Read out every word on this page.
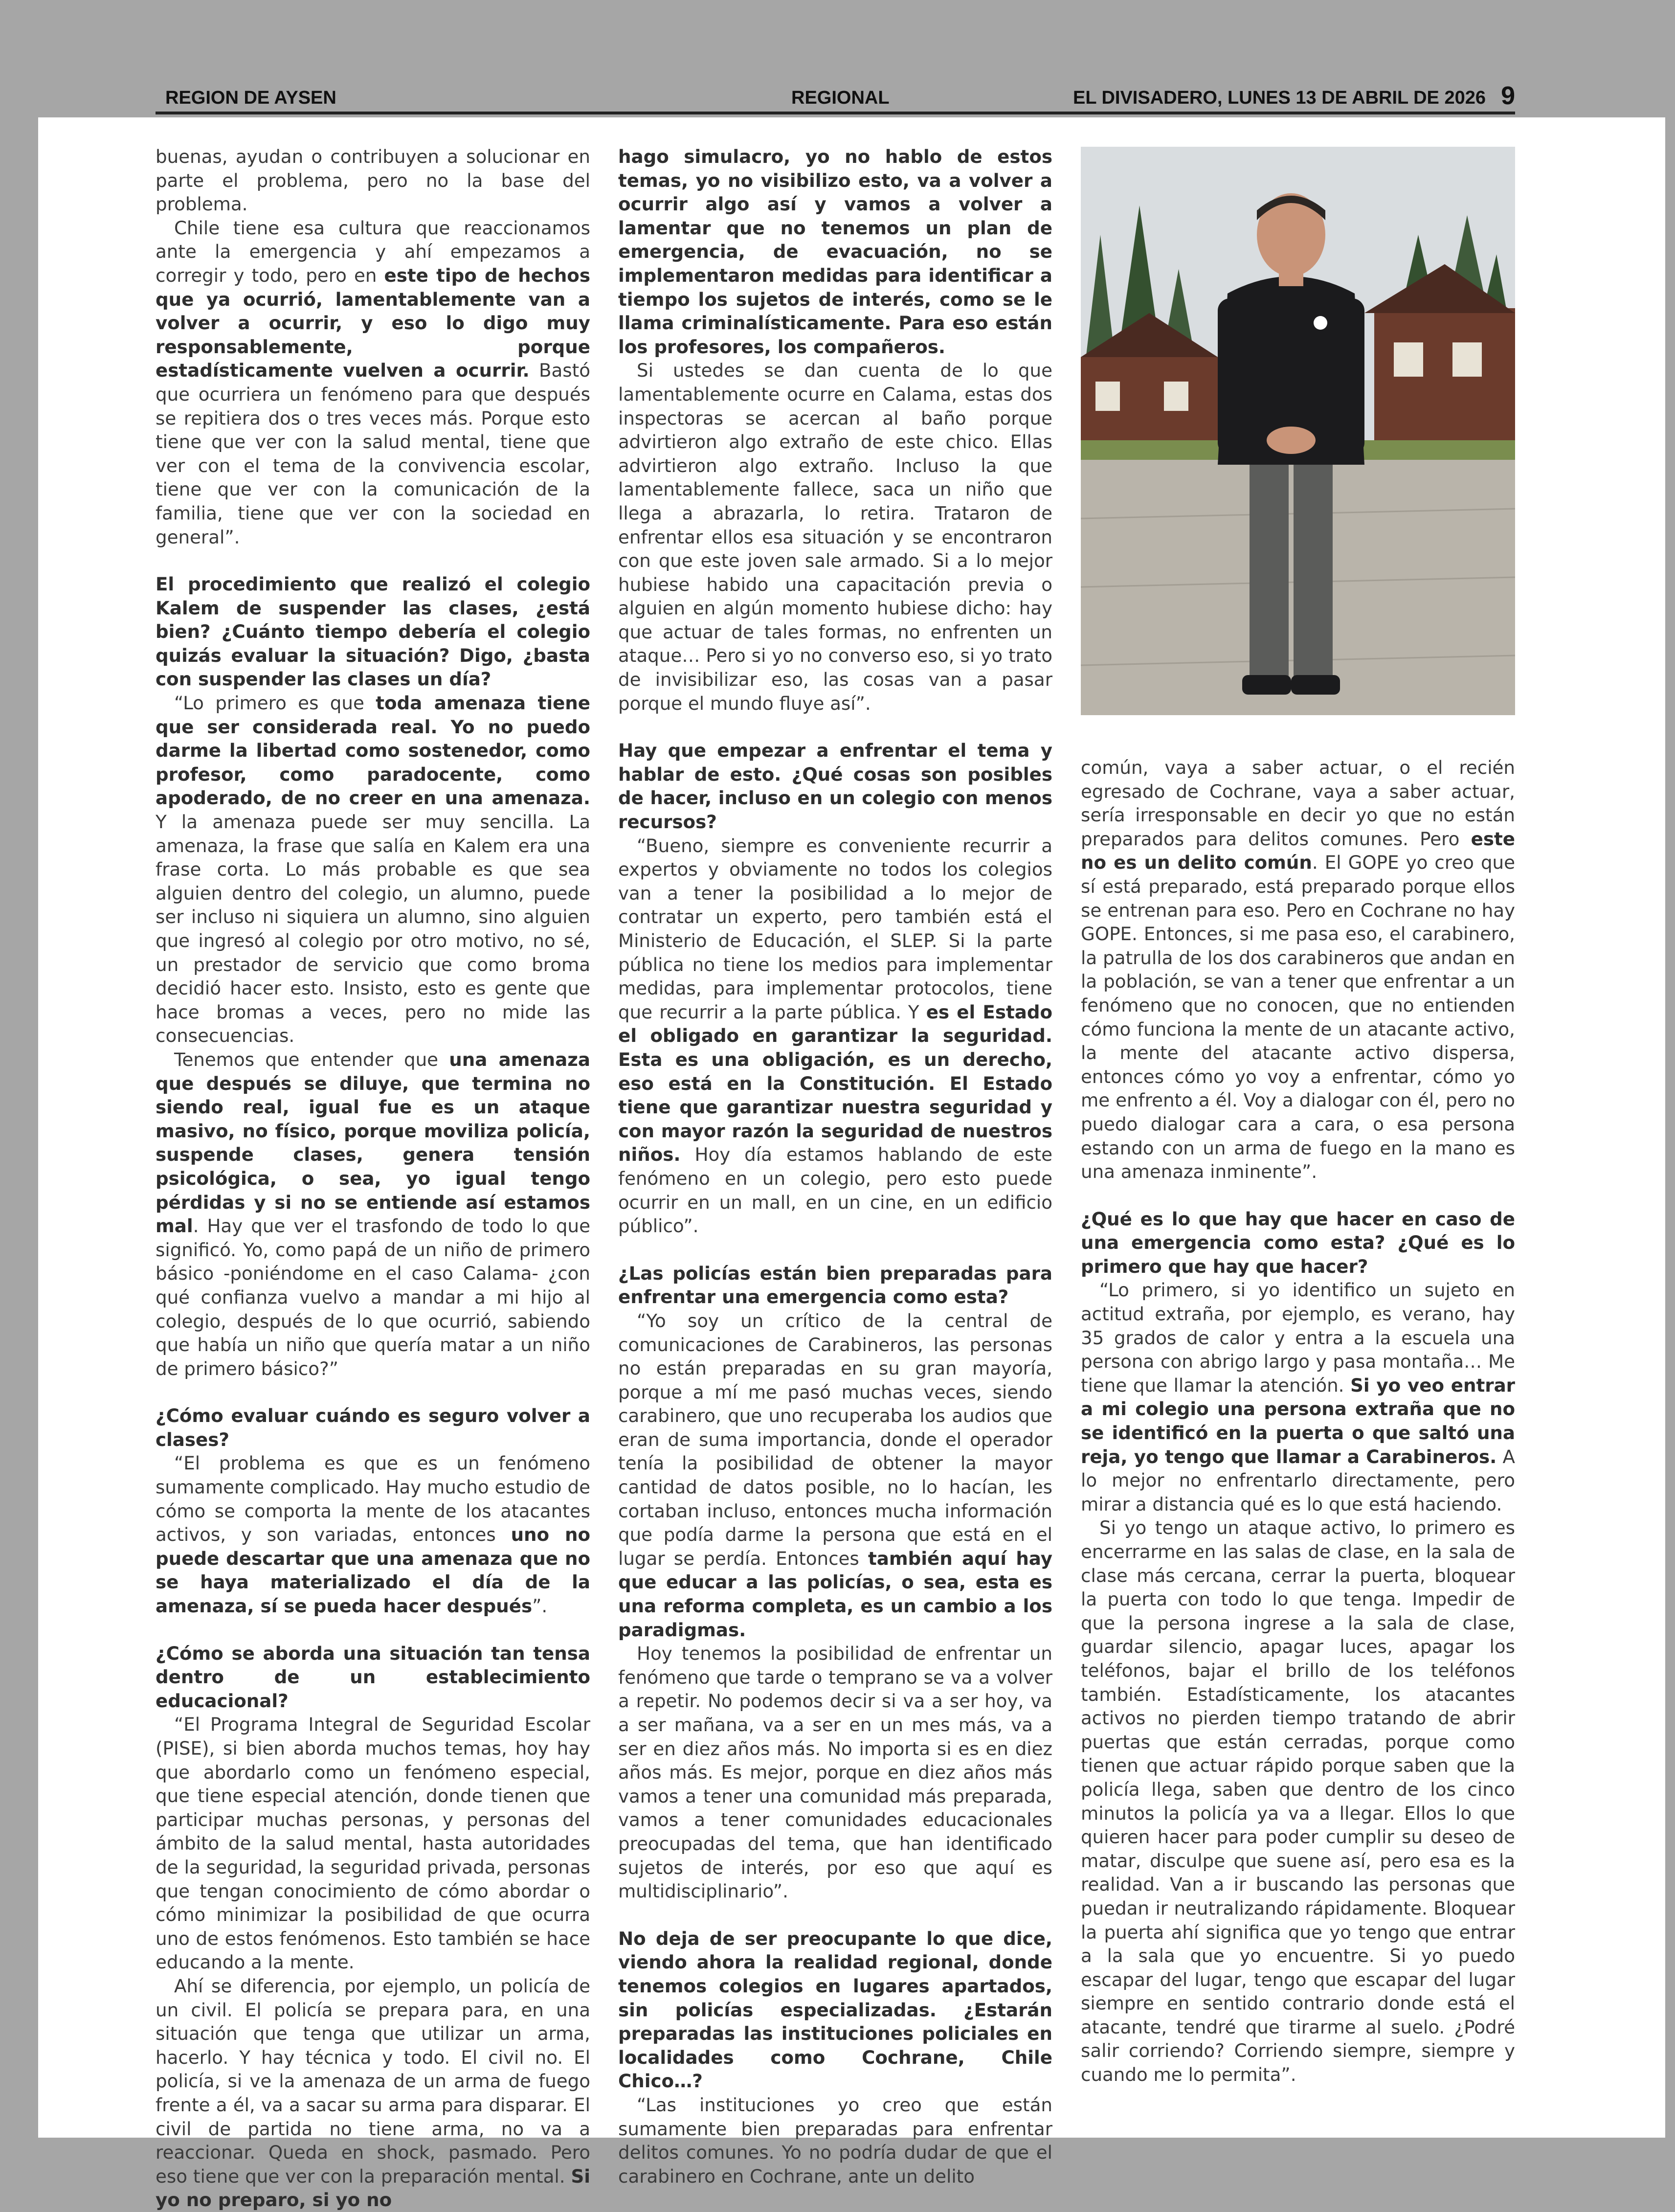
REGION DE AYSEN	REGIONAL	EL DIVISADERO, LUNES 13 DE ABRIL DE 2026 9

buenas, ayudan o contribuyen a solucionar en parte el problema, pero no la base del problema.

Chile tiene esa cultura que reaccionamos ante la emergencia y ahí empezamos a corregir y todo, pero en este tipo de hechos que ya ocurrió, lamentablemente van a volver a ocurrir, y eso lo digo muy responsablemente, porque estadísticamente vuelven a ocurrir. Bastó que ocurriera un fenómeno para que después se repitiera dos o tres veces más. Porque esto tiene que ver con la salud mental, tiene que ver con el tema de la convivencia escolar, tiene que ver con la comunicación de la familia, tiene que ver con la sociedad en general”.

El procedimiento que realizó el colegio Kalem de suspender las clases, ¿está bien? ¿Cuánto tiempo debería el colegio quizás evaluar la situación? Digo, ¿basta con suspender las clases un día?

“Lo primero es que toda amenaza tiene que ser considerada real. Yo no puedo darme la libertad como sostenedor, como profesor, como paradocente, como apoderado, de no creer en una amenaza. Y la amenaza puede ser muy sencilla. La amenaza, la frase que salía en Kalem era una frase corta. Lo más probable es que sea alguien dentro del colegio, un alumno, puede ser incluso ni siquiera un alumno, sino alguien que ingresó al colegio por otro motivo, no sé, un prestador de servicio que como broma decidió hacer esto. Insisto, esto es gente que hace bromas a veces, pero no mide las consecuencias.

Tenemos que entender que una amenaza que después se diluye, que termina no siendo real, igual fue es un ataque masivo, no físico, porque moviliza policía, suspende clases, genera tensión psicológica, o sea, yo igual tengo pérdidas y si no se entiende así estamos mal. Hay que ver el trasfondo de todo lo que significó. Yo, como papá de un niño de primero básico -poniéndome en el caso Calama- ¿con qué confianza vuelvo a mandar a mi hijo al colegio, después de lo que ocurrió, sabiendo que había un niño que quería matar a un niño de primero básico?”

¿Cómo evaluar cuándo es seguro volver a clases?

“El problema es que es un fenómeno sumamente complicado. Hay mucho estudio de cómo se comporta la mente de los atacantes activos, y son variadas, entonces uno no puede descartar que una amenaza que no se haya materializado el día de la amenaza, sí se pueda hacer después”.

¿Cómo se aborda una situación tan tensa dentro de un establecimiento educacional?

“El Programa Integral de Seguridad Escolar (PISE), si bien aborda muchos temas, hoy hay que abordarlo como un fenómeno especial, que tiene especial atención, donde tienen que participar muchas personas, y personas del ámbito de la salud mental, hasta autoridades de la seguridad, la seguridad privada, personas que tengan conocimiento de cómo abordar o cómo minimizar la posibilidad de que ocurra uno de estos fenómenos. Esto también se hace educando a la mente.

Ahí se diferencia, por ejemplo, un policía de un civil. El policía se prepara para, en una situación que tenga que utilizar un arma, hacerlo. Y hay técnica y todo. El civil no. El policía, si ve la amenaza de un arma de fuego frente a él, va a sacar su arma para disparar. El civil de partida no tiene arma, no va a reaccionar. Queda en shock, pasmado. Pero eso tiene que ver con la preparación mental. Si yo no preparo, si yo no

hago simulacro, yo no hablo de estos temas, yo no visibilizo esto, va a volver a ocurrir algo así y vamos a volver a lamentar que no tenemos un plan de emergencia, de evacuación, no se implementaron medidas para identificar a tiempo los sujetos de interés, como se le llama criminalísticamente. Para eso están los profesores, los compañeros.

Si ustedes se dan cuenta de lo que lamentablemente ocurre en Calama, estas dos inspectoras se acercan al baño porque advirtieron algo extraño de este chico. Ellas advirtieron algo extraño. Incluso la que lamentablemente fallece, saca un niño que llega a abrazarla, lo retira. Trataron de enfrentar ellos esa situación y se encontraron con que este joven sale armado. Si a lo mejor hubiese habido una capacitación previa o alguien en algún momento hubiese dicho: hay que actuar de tales formas, no enfrenten un ataque… Pero si yo no converso eso, si yo trato de invisibilizar eso, las cosas van a pasar porque el mundo fluye así”.

Hay que empezar a enfrentar el tema y hablar de esto. ¿Qué cosas son posibles de hacer, incluso en un colegio con menos recursos?

“Bueno, siempre es conveniente recurrir a expertos y obviamente no todos los colegios van a tener la posibilidad a lo mejor de contratar un experto, pero también está el Ministerio de Educación, el SLEP. Si la parte pública no tiene los medios para implementar medidas, para implementar protocolos, tiene que recurrir a la parte pública. Y es el Estado el obligado en garantizar la seguridad. Esta es una obligación, es un derecho, eso está en la Constitución. El Estado tiene que garantizar nuestra seguridad y con mayor razón la seguridad de nuestros niños. Hoy día estamos hablando de este fenómeno en un colegio, pero esto puede ocurrir en un mall, en un cine, en un edificio público”.

¿Las policías están bien preparadas para enfrentar una emergencia como esta?

“Yo soy un crítico de la central de comunicaciones de Carabineros, las personas no están preparadas en su gran mayoría, porque a mí me pasó muchas veces, siendo carabinero, que uno recuperaba los audios que eran de suma importancia, donde el operador tenía la posibilidad de obtener la mayor cantidad de datos posible, no lo hacían, les cortaban incluso, entonces mucha información que podía darme la persona que está en el lugar se perdía. Entonces también aquí hay que educar a las policías, o sea, esta es una reforma completa, es un cambio a los paradigmas.

Hoy tenemos la posibilidad de enfrentar un fenómeno que tarde o temprano se va a volver a repetir. No podemos decir si va a ser hoy, va a ser mañana, va a ser en un mes más, va a ser en diez años más. No importa si es en diez años más. Es mejor, porque en diez años más vamos a tener una comunidad más preparada, vamos a tener comunidades educacionales preocupadas del tema, que han identificado sujetos de interés, por eso que aquí es multidisciplinario”.

No deja de ser preocupante lo que dice, viendo ahora la realidad regional, donde tenemos colegios en lugares apartados, sin policías especializadas. ¿Estarán preparadas las instituciones policiales en localidades como Cochrane, Chile Chico…?

“Las instituciones yo creo que están sumamente bien preparadas para enfrentar delitos comunes. Yo no podría dudar de que el carabinero en Cochrane, ante un delito

común, vaya a saber actuar, o el recién egresado de Cochrane, vaya a saber actuar, sería irresponsable en decir yo que no están preparados para delitos comunes. Pero este no es un delito común. El GOPE yo creo que sí está preparado, está preparado porque ellos se entrenan para eso. Pero en Cochrane no hay GOPE. Entonces, si me pasa eso, el carabinero, la patrulla de los dos carabineros que andan en la población, se van a tener que enfrentar a un fenómeno que no conocen, que no entienden cómo funciona la mente de un atacante activo, la mente del atacante activo dispersa, entonces cómo yo voy a enfrentar, cómo yo me enfrento a él. Voy a dialogar con él, pero no puedo dialogar cara a cara, o esa persona estando con un arma de fuego en la mano es una amenaza inminente”.

¿Qué es lo que hay que hacer en caso de una emergencia como esta? ¿Qué es lo primero que hay que hacer?

“Lo primero, si yo identifico un sujeto en actitud extraña, por ejemplo, es verano, hay 35 grados de calor y entra a la escuela una persona con abrigo largo y pasa montaña… Me tiene que llamar la atención. Si yo veo entrar a mi colegio una persona extraña que no se identificó en la puerta o que saltó una reja, yo tengo que llamar a Carabineros. A lo mejor no enfrentarlo directamente, pero mirar a distancia qué es lo que está haciendo.

Si yo tengo un ataque activo, lo primero es encerrarme en las salas de clase, en la sala de clase más cercana, cerrar la puerta, bloquear la puerta con todo lo que tenga. Impedir de que la persona ingrese a la sala de clase, guardar silencio, apagar luces, apagar los teléfonos, bajar el brillo de los teléfonos también. Estadísticamente, los atacantes activos no pierden tiempo tratando de abrir puertas que están cerradas, porque como tienen que actuar rápido porque saben que la policía llega, saben que dentro de los cinco minutos la policía ya va a llegar. Ellos lo que quieren hacer para poder cumplir su deseo de matar, disculpe que suene así, pero esa es la realidad. Van a ir buscando las personas que puedan ir neutralizando rápidamente. Bloquear la puerta ahí significa que yo tengo que entrar a la sala que yo encuentre. Si yo puedo escapar del lugar, tengo que escapar del lugar siempre en sentido contrario donde está el atacante, tendré que tirarme al suelo. ¿Podré salir corriendo? Corriendo siempre, siempre y cuando me lo permita”.
